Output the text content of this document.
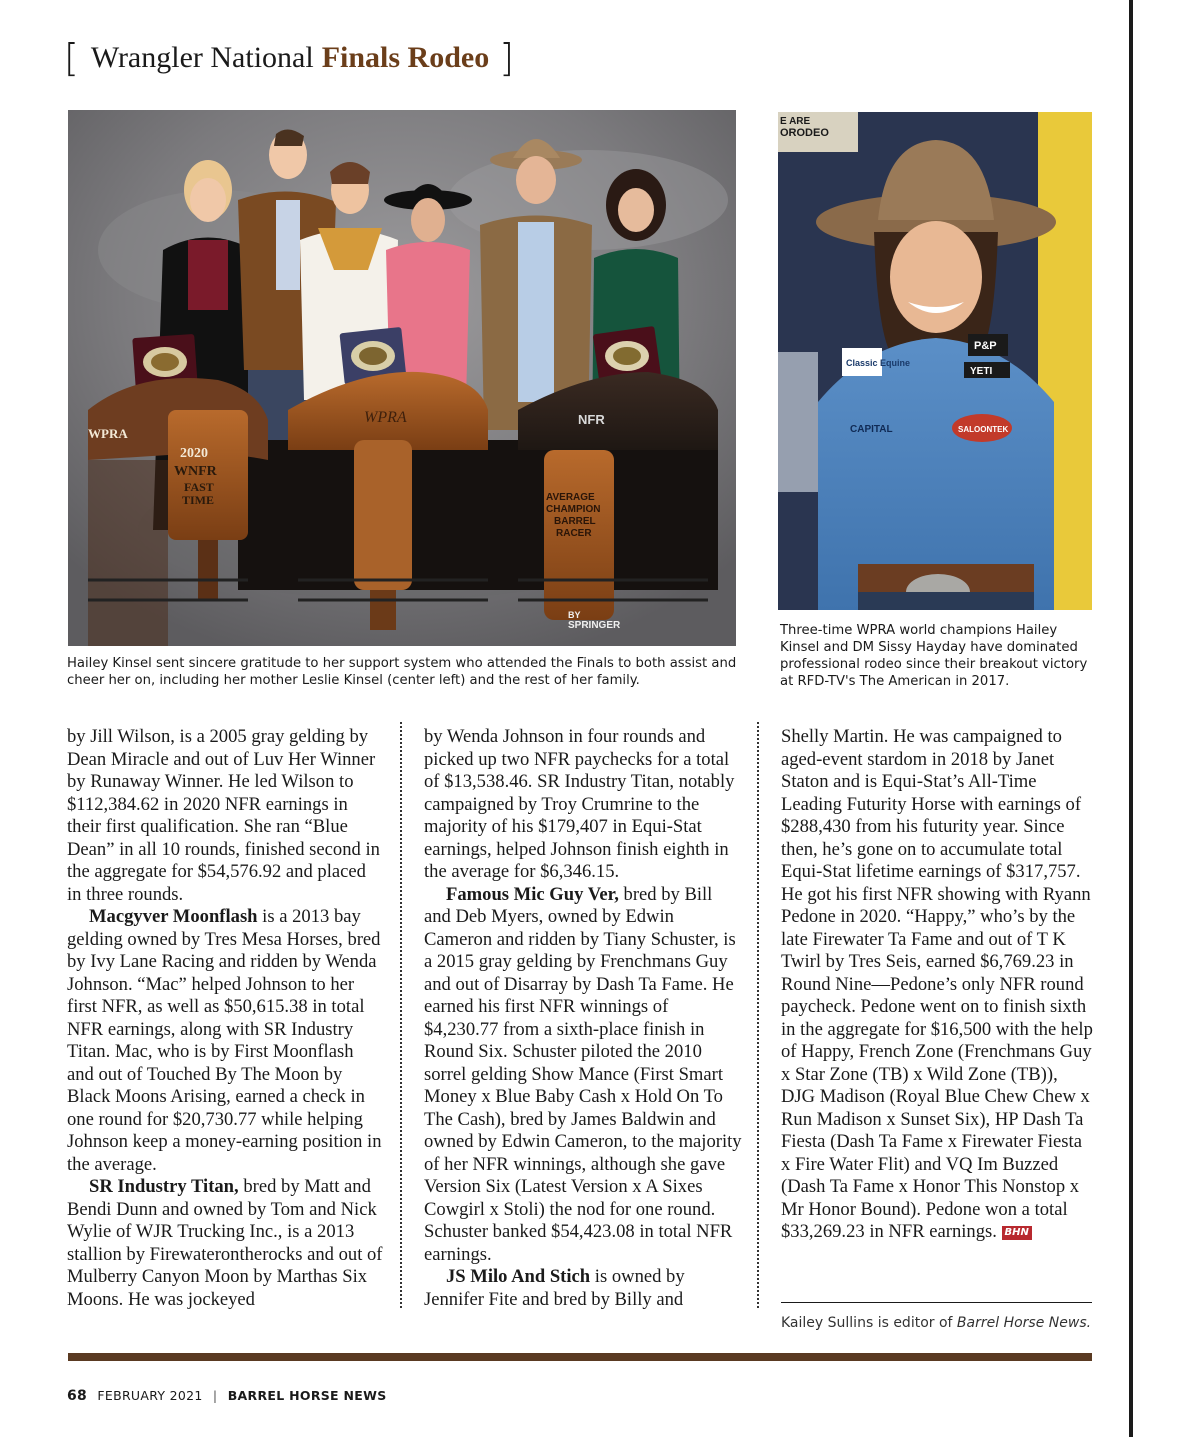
[ Wrangler National Finals Rodeo ]
WPRA
2020
WNFR
FAST
TIME
WPRA	NFR
AVERAGE
CHAMPION
BARREL
RACER
BY
SPRINGER
E ARE
ORODEO
Classic Equine
P&P
YETI
CAPITAL	SALOONTEK
Hailey Kinsel sent sincere gratitude to her support system who attended the Finals to both assist and cheer her on, including her mother Leslie Kinsel (center left) and the rest of her family.
Three-time WPRA world champions Hailey Kinsel and DM Sissy Hayday have dominated professional rodeo since their breakout victory at RFD-TV's The American in 2017.

by Jill Wilson, is a 2005 gray gelding by Dean Miracle and out of Luv Her Winner by Runaway Winner. He led Wilson to $112,384.62 in 2020 NFR earnings in their first qualification. She ran “Blue Dean” in all 10 rounds, finished second in the aggregate for $54,576.92 and placed in three rounds.

Macgyver Moonflash is a 2013 bay gelding owned by Tres Mesa Horses, bred by Ivy Lane Racing and ridden by Wenda Johnson. “Mac” helped Johnson to her first NFR, as well as $50,615.38 in total NFR earnings, along with SR Industry Titan. Mac, who is by First Moonflash and out of Touched By The Moon by Black Moons Arising, earned a check in one round for $20,730.77 while helping Johnson keep a money-earning position in the average.

SR Industry Titan, bred by Matt and Bendi Dunn and owned by Tom and Nick Wylie of WJR Trucking Inc., is a 2013 stallion by Firewaterontherocks and out of Mulberry Canyon Moon by Marthas Six Moons. He was jockeyed

by Wenda Johnson in four rounds and picked up two NFR paychecks for a total of $13,538.46. SR Industry Titan, notably campaigned by Troy Crumrine to the majority of his $179,407 in Equi-Stat earnings, helped Johnson finish eighth in the average for $6,346.15.

Famous Mic Guy Ver, bred by Bill and Deb Myers, owned by Edwin Cameron and ridden by Tiany Schuster, is a 2015 gray gelding by Frenchmans Guy and out of Disarray by Dash Ta Fame. He earned his first NFR winnings of $4,230.77 from a sixth-place finish in Round Six. Schuster piloted the 2010 sorrel gelding Show Mance (First Smart Money x Blue Baby Cash x Hold On To The Cash), bred by James Baldwin and owned by Edwin Cameron, to the majority of her NFR winnings, although she gave Version Six (Latest Version x A Sixes Cowgirl x Stoli) the nod for one round. Schuster banked $54,423.08 in total NFR earnings.

JS Milo And Stich is owned by Jennifer Fite and bred by Billy and

Shelly Martin. He was campaigned to aged-event stardom in 2018 by Janet Staton and is Equi-Stat’s All-Time Leading Futurity Horse with earnings of $288,430 from his futurity year. Since then, he’s gone on to accumulate total Equi-Stat lifetime earnings of $317,757. He got his first NFR showing with Ryann Pedone in 2020. “Happy,” who’s by the late Firewater Ta Fame and out of T K Twirl by Tres Seis, earned $6,769.23 in Round Nine—Pedone’s only NFR round paycheck. Pedone went on to finish sixth in the aggregate for $16,500 with the help of Happy, French Zone (Frenchmans Guy x Star Zone (TB) x Wild Zone (TB)), DJG Madison (Royal Blue Chew Chew x Run Madison x Sunset Six), HP Dash Ta Fiesta (Dash Ta Fame x Firewater Fiesta x Fire Water Flit) and VQ Im Buzzed (Dash Ta Fame x Honor This Nonstop x Mr Honor Bound). Pedone won a total $33,269.23 in NFR earnings. BHN

Kailey Sullins is editor of Barrel Horse News.
68 FEBRUARY 2021 | BARREL HORSE NEWS
